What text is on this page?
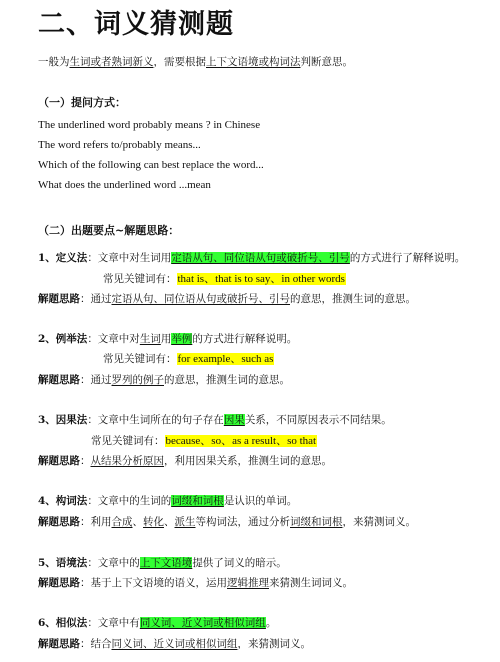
二、词义猜测题
一般为生词或者熟词新义，需要根据上下文语境或构词法判断意思。
（一）提问方式：
The underlined word probably means ? in Chinese
The word refers to/probably means...
Which of the following can best replace the word...
What does the underlined word ...mean
（二）出题要点~解题思路：
1、定义法：文章中对生词用定语从句、同位语从句或破折号、引号的方式进行了解释说明。
常见关键词有：that is、that is to say、in other words
解题思路：通过定语从句、同位语从句或破折号、引号的意思，推测生词的意思。
2、例举法：文章中对生词用举例的方式进行解释说明。
常见关键词有：for example、such as
解题思路：通过罗列的例子的意思，推测生词的意思。
3、因果法：文章中生词所在的句子存在因果关系，不同原因表示不同结果。
常见关键词有：because、so、as a result、so that
解题思路：从结果分析原因，利用因果关系，推测生词的意思。
4、构词法：文章中的生词的词缀和词根是认识的单词。
解题思路：利用合成、转化、派生等构词法，通过分析词缀和词根，来猜测词义。
5、语境法：文章中的上下文语境提供了词义的暗示。
解题思路：基于上下文语境的语义，运用逻辑推理来猜测生词词义。
6、相似法：文章中有同义词、近义词或相似词组。
解题思路：结合同义词、近义词或相似词组，来猜测词义。
